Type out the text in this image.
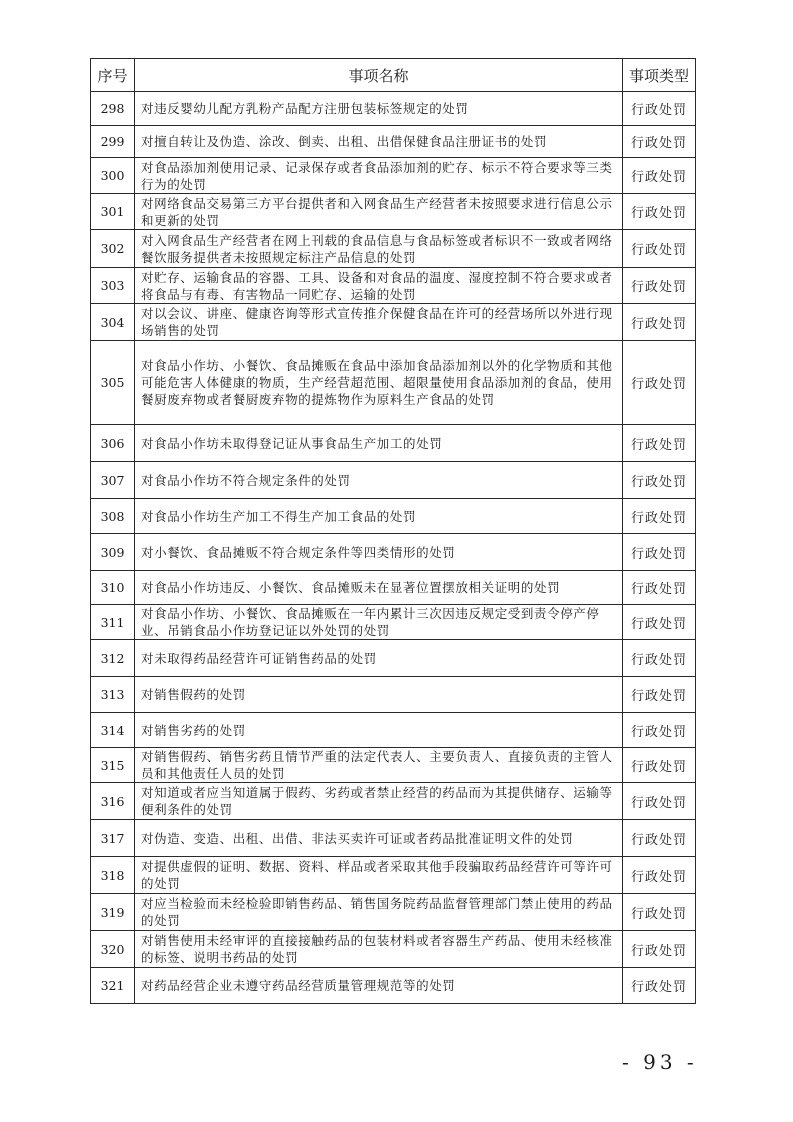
序号	事项名称	事项类型
298	对违反婴幼儿配方乳粉产品配方注册包装标签规定的处罚	行政处罚
299	对擅自转让及伪造、涂改、倒卖、出租、出借保健食品注册证书的处罚	行政处罚
300	对食品添加剂使用记录、记录保存或者食品添加剂的贮存、标示不符合要求等三类行为的处罚	行政处罚
301	对网络食品交易第三方平台提供者和入网食品生产经营者未按照要求进行信息公示和更新的处罚	行政处罚
302	对入网食品生产经营者在网上刊载的食品信息与食品标签或者标识不一致或者网络餐饮服务提供者未按照规定标注产品信息的处罚	行政处罚
303	对贮存、运输食品的容器、工具、设备和对食品的温度、湿度控制不符合要求或者将食品与有毒、有害物品一同贮存、运输的处罚	行政处罚
304	对以会议、讲座、健康咨询等形式宣传推介保健食品在许可的经营场所以外进行现场销售的处罚	行政处罚
305	对食品小作坊、小餐饮、食品摊贩在食品中添加食品添加剂以外的化学物质和其他可能危害人体健康的物质，生产经营超范围、超限量使用食品添加剂的食品，使用餐厨废弃物或者餐厨废弃物的提炼物作为原料生产食品的处罚	行政处罚
306	对食品小作坊未取得登记证从事食品生产加工的处罚	行政处罚
307	对食品小作坊不符合规定条件的处罚	行政处罚
308	对食品小作坊生产加工不得生产加工食品的处罚	行政处罚
309	对小餐饮、食品摊贩不符合规定条件等四类情形的处罚	行政处罚
310	对食品小作坊违反、小餐饮、食品摊贩未在显著位置摆放相关证明的处罚	行政处罚
311	对食品小作坊、小餐饮、食品摊贩在一年内累计三次因违反规定受到责令停产停业、吊销食品小作坊登记证以外处罚的处罚	行政处罚
312	对未取得药品经营许可证销售药品的处罚	行政处罚
313	对销售假药的处罚	行政处罚
314	对销售劣药的处罚	行政处罚
315	对销售假药、销售劣药且情节严重的法定代表人、主要负责人、直接负责的主管人员和其他责任人员的处罚	行政处罚
316	对知道或者应当知道属于假药、劣药或者禁止经营的药品而为其提供储存、运输等便利条件的处罚	行政处罚
317	对伪造、变造、出租、出借、非法买卖许可证或者药品批准证明文件的处罚	行政处罚
318	对提供虚假的证明、数据、资料、样品或者采取其他手段骗取药品经营许可等许可的处罚	行政处罚
319	对应当检验而未经检验即销售药品、销售国务院药品监督管理部门禁止使用的药品的处罚	行政处罚
320	对销售使用未经审评的直接接触药品的包装材料或者容器生产药品、使用未经核准的标签、说明书药品的处罚	行政处罚
321	对药品经营企业未遵守药品经营质量管理规范等的处罚	行政处罚
- 93 -
